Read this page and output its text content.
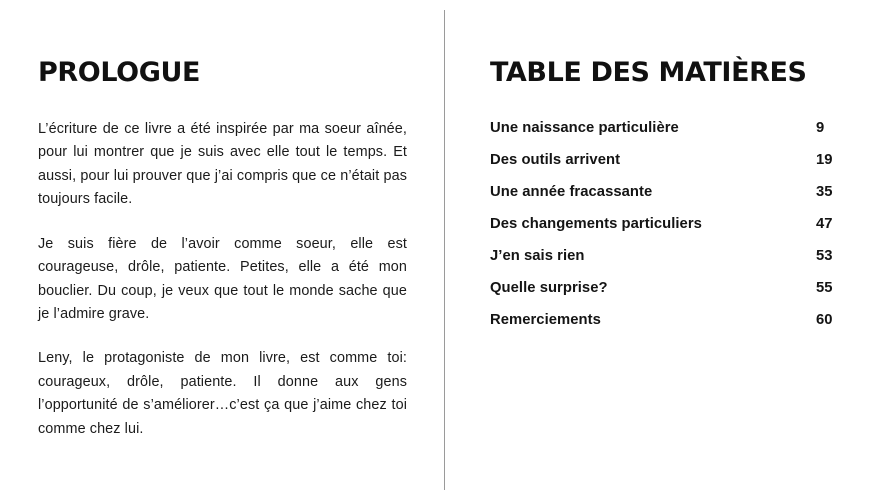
PROLOGUE

L’écriture de ce livre a été inspirée par ma soeur aînée, pour lui montrer que je suis avec elle tout le temps. Et aussi, pour lui prouver que j’ai compris que ce n’était pas toujours facile.

Je suis fière de l’avoir comme soeur, elle est courageuse, drôle, patiente. Petites, elle a été mon bouclier. Du coup, je veux que tout le monde sache que je l’admire grave.

Leny, le protagoniste de mon livre, est comme toi: courageux, drôle, patiente. Il donne aux gens l’opportunité de s’améliorer…c’est ça que j’aime chez toi comme chez lui.

TABLE DES MATIÈRES
Une naissance particulière	9
Des outils arrivent	19
Une année fracassante	35
Des changements particuliers	47
J’en sais rien	53
Quelle surprise?	55
Remerciements	60
